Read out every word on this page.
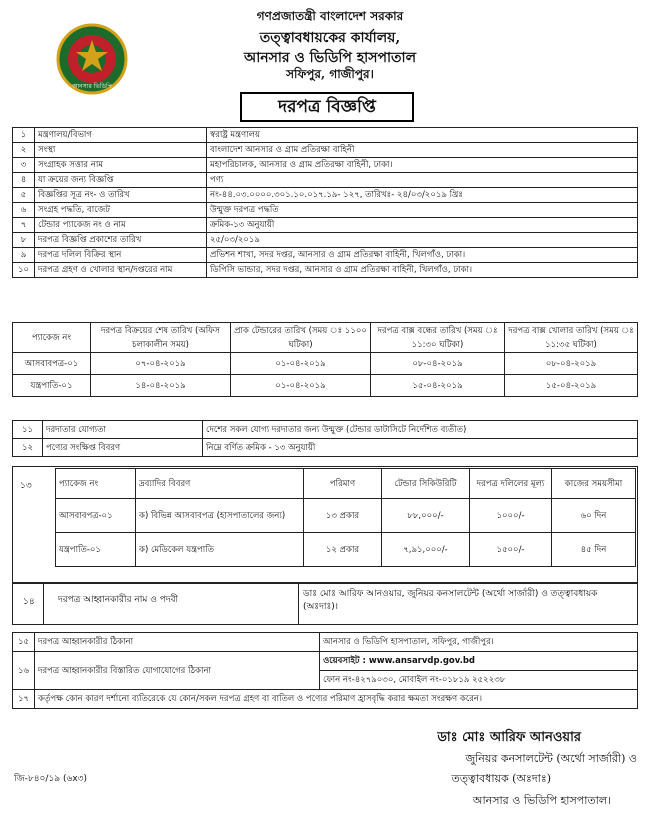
আনসার ভিডিপি
গণপ্রজাতন্ত্রী বাংলাদেশ সরকার
তত্ত্বাবধায়কের কার্যালয়,
আনসার ও ভিডিপি হাসপাতাল
সফিপুর, গাজীপুর।
দরপত্র বিজ্ঞপ্তি
১	মন্ত্রণালয়/বিভাগ	স্বরাষ্ট্র মন্ত্রণালয়
২	সংস্থা	বাংলাদেশ আনসার ও গ্রাম প্রতিরক্ষা বাহিনী
৩	সংগ্রাহক সত্তার নাম	মহাপরিচালক, আনসার ও গ্রাম প্রতিরক্ষা বাহিনী, ঢাকা।
৪	যা ক্রয়ের জন্য বিজ্ঞপ্তি	পণ্য
৫	বিজ্ঞপ্তির সূত্র নং- ও তারিখ	নং-৪৪.০৩.০০০০.৩০১.১০.০১৭.১৯- ১২৭, তারিখঃ- ২৪/০৩/২০১৯ খ্রিঃ
৬	সংগ্রহ পদ্ধতি, বাজেট	উন্মুক্ত দরপত্র পদ্ধতি
৭	টেন্ডার প্যাকেজ নং ও নাম	ক্রমিক-১৩ অনুযায়ী
৮	দরপত্র বিজ্ঞপ্তি প্রকাশের তারিখ	২৫/০৩/২০১৯
৯	দরপত্র দলিল বিক্রির স্থান	প্রভিশন শাখা, সদর দপ্তর, আনসার ও গ্রাম প্রতিরক্ষা বাহিনী, খিলগাঁও, ঢাকা।
১০	দরপত্র গ্রহণ ও খোলার স্থান/দপ্তরের নাম	ডিপিসি ভান্ডার, সদর দপ্তর, আনসার ও গ্রাম প্রতিরক্ষা বাহিনী, খিলগাঁও, ঢাকা।
প্যাকেজ নং	দরপত্র বিক্রয়ের শেষ তারিখ (অফিস চলাকালীন সময়)	প্রাক টেন্ডারের তারিখ (সময় ঃ ১১০০ ঘটিকা)	দরপত্র বাক্স বন্ধের তারিখ (সময় ঃ ১১:৩০ ঘটিকা)	দরপত্র বাক্স খোলার তারিখ (সময় ঃ ১১:৩৫ ঘটিকা)
আসবাবপত্র-০১	০৭-০৪-২০১৯	০১-০৪-২০১৯	০৮-০৪-২০১৯	০৮-০৪-২০১৯
যন্ত্রপাতি-০১	১৪-০৪-২০১৯	০১-০৪-২০১৯	১৫-০৪-২০১৯	১৫-০৪-২০১৯
১১	দরদাতার যোগ্যতা	দেশের সকল যোগ্য দরদাতার জন্য উন্মুক্ত (টেন্ডার ডাটাসিটে নির্দেশিত ব্যতীত)
১২	পণ্যের সংক্ষিপ্ত বিবরণ	নিম্নে বর্ণিত ক্রমিক - ১৩ অনুযায়ী
১৩	প্যাকেজ নং	দ্রব্যাদির বিবরণ	পরিমাণ	টেন্ডার সিকিউরিটি	দরপত্র দলিলের মূল্য	কাজের সময়সীমা
আসবাবপত্র-০১	ক) বিভিন্ন আসবাবপত্র (হাসপাতালের জন্য)	১৩ প্রকার	৮৮,০০০/-	১০০০/-	৬০ দিন
যন্ত্রপাতি-০১	ক) মেডিকেল যন্ত্রপাতি	১২ প্রকার	৭,৯১,০০০/-	১৫০০/-	৪৫ দিন
১৪	দরপত্র আহ্বানকারীর নাম ও পদবী
ডাঃ মোঃ আরিফ আনওয়ার, জুনিয়র কনসালটেন্ট (অর্থো সার্জারী) ও তত্ত্বাবধায়ক (অঃদাঃ)।
১৫	দরপত্র আহ্বানকারীর ঠিকানা	আনসার ও ভিডিপি হাসপাতাল, সফিপুর, গাজীপুর।
১৬	দরপত্র আহ্বানকারীর বিস্তারিত যোগাযোগের ঠিকানা	ওয়েবসাইট : www.ansarvdp.gov.bd
		ফোন নং-৪২৭৯০৩০, মোবাইল নং-০১৮১৯ ২৫২২৩৮
১৭	কর্তৃপক্ষ কোন কারণ দর্শানো ব্যতিরেকে যে কোন/সকল দরপত্র গ্রহণ বা বাতিল ও পণ্যের পরিমাণ হ্রাসবৃদ্ধি করার ক্ষমতা সংরক্ষণ করেন।	
ডাঃ মোঃ আরিফ আনওয়ার
জুনিয়র কনসালটেন্ট (অর্থো সার্জারী) ও
তত্ত্বাবধায়ক (অঃদাঃ)
আনসার ও ভিডিপি হাসপাতাল।
জি-৮৪০/১৯ (৬x৩)
